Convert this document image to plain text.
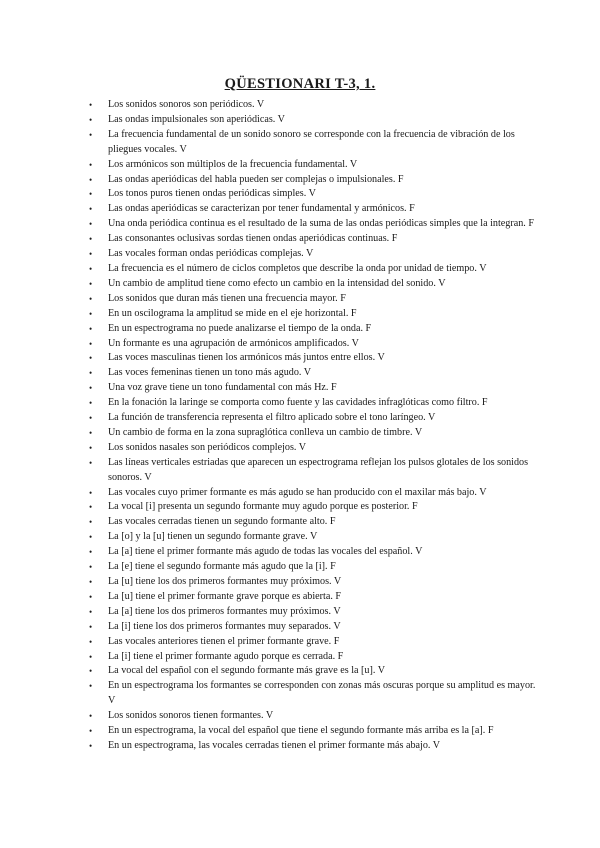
QÜESTIONARI T-3, 1.
• Los sonidos sonoros son periódicos. V
• Las ondas impulsionales son aperiódicas. V
• La frecuencia fundamental de un sonido sonoro se corresponde con la frecuencia de vibración de los pliegues vocales. V
• Los armónicos son múltiplos de la frecuencia fundamental. V
• Las ondas aperiódicas del habla pueden ser complejas o impulsionales. F
• Los tonos puros tienen ondas periódicas simples. V
• Las ondas aperiódicas se caracterizan por tener fundamental y armónicos. F
• Una onda periódica continua es el resultado de la suma de las ondas periódicas simples que la integran. F
• Las consonantes oclusivas sordas tienen ondas aperiódicas continuas. F
• Las vocales forman ondas periódicas complejas. V
• La frecuencia es el número de ciclos completos que describe la onda por unidad de tiempo. V
• Un cambio de amplitud tiene como efecto un cambio en la intensidad del sonido. V
• Los sonidos que duran más tienen una frecuencia mayor. F
• En un oscilograma la amplitud se mide en el eje horizontal. F
• En un espectrograma no puede analizarse el tiempo de la onda. F
• Un formante es una agrupación de armónicos amplificados. V
• Las voces masculinas tienen los armónicos más juntos entre ellos. V
• Las voces femeninas tienen un tono más agudo. V
• Una voz grave tiene un tono fundamental con más Hz. F
• En la fonación la laringe se comporta como fuente y las cavidades infraglóticas como filtro. F
• La función de transferencia representa el filtro aplicado sobre el tono laríngeo. V
• Un cambio de forma en la zona supraglótica conlleva un cambio de timbre. V
• Los sonidos nasales son periódicos complejos. V
• Las líneas verticales estriadas que aparecen un espectrograma reflejan los pulsos glotales de los sonidos sonoros. V
• Las vocales cuyo primer formante es más agudo se han producido con el maxilar más bajo. V
• La vocal [i] presenta un segundo formante muy agudo porque es posterior. F
• Las vocales cerradas tienen un segundo formante alto. F
• La [o] y la [u] tienen un segundo formante grave. V
• La [a] tiene el primer formante más agudo de todas las vocales del español. V
• La [e] tiene el segundo formante más agudo que la [i]. F
• La [u] tiene los dos primeros formantes muy próximos. V
• La [u] tiene el primer formante grave porque es abierta. F
• La [a] tiene los dos primeros formantes muy próximos. V
• La [i] tiene los dos primeros formantes muy separados. V
• Las vocales anteriores tienen el primer formante grave. F
• La [i] tiene el primer formante agudo porque es cerrada. F
• La vocal del español con el segundo formante más grave es la [u]. V
• En un espectrograma los formantes se corresponden con zonas más oscuras porque su amplitud es mayor. V
• Los sonidos sonoros tienen formantes. V
• En un espectrograma, la vocal del español que tiene el segundo formante más arriba es la [a]. F
• En un espectrograma, las vocales cerradas tienen el primer formante más abajo. V
